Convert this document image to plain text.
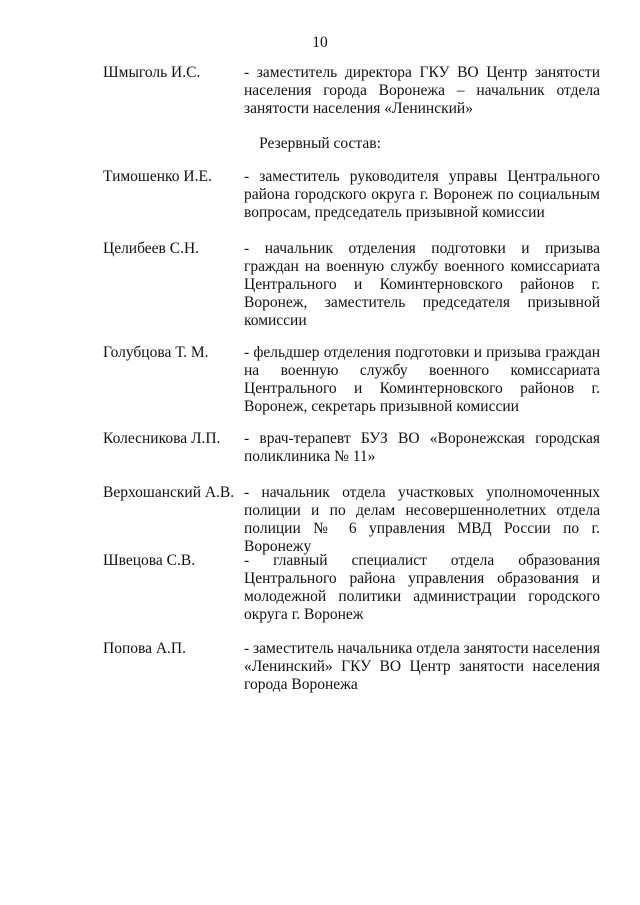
10
Шмыголь И.С.	- заместитель директора ГКУ ВО Центр занятости населения города Воронежа – начальник отдела занятости населения «Ленинский»
Резервный состав:
Тимошенко И.Е. - заместитель руководителя управы Центрального района городского округа г. Воронеж по социальным вопросам, председатель призывной комиссии
Целибеев С.Н.	- начальник отделения подготовки и призыва граждан на военную службу военного комиссариата Центрального и Коминтерновского районов г. Воронеж, заместитель председателя призывной комиссии
Голубцова Т. М. - фельдшер отделения подготовки и призыва граждан на военную службу военного комиссариата Центрального и Коминтерновского районов г. Воронеж, секретарь призывной комиссии
Колесникова Л.П. - врач-терапевт БУЗ ВО «Воронежская городская поликлиника № 11»
Верхошанский А.В. - начальник отдела участковых уполномоченных полиции и по делам несовершеннолетних отдела полиции № 6 управления МВД России по г. Воронежу
Швецова С.В.	- главный специалист отдела образования Центрального района управления образования и молодежной политики администрации городского округа г. Воронеж
Попова А.П.	- заместитель начальника отдела занятости населения «Ленинский» ГКУ ВО Центр занятости населения города Воронежа
